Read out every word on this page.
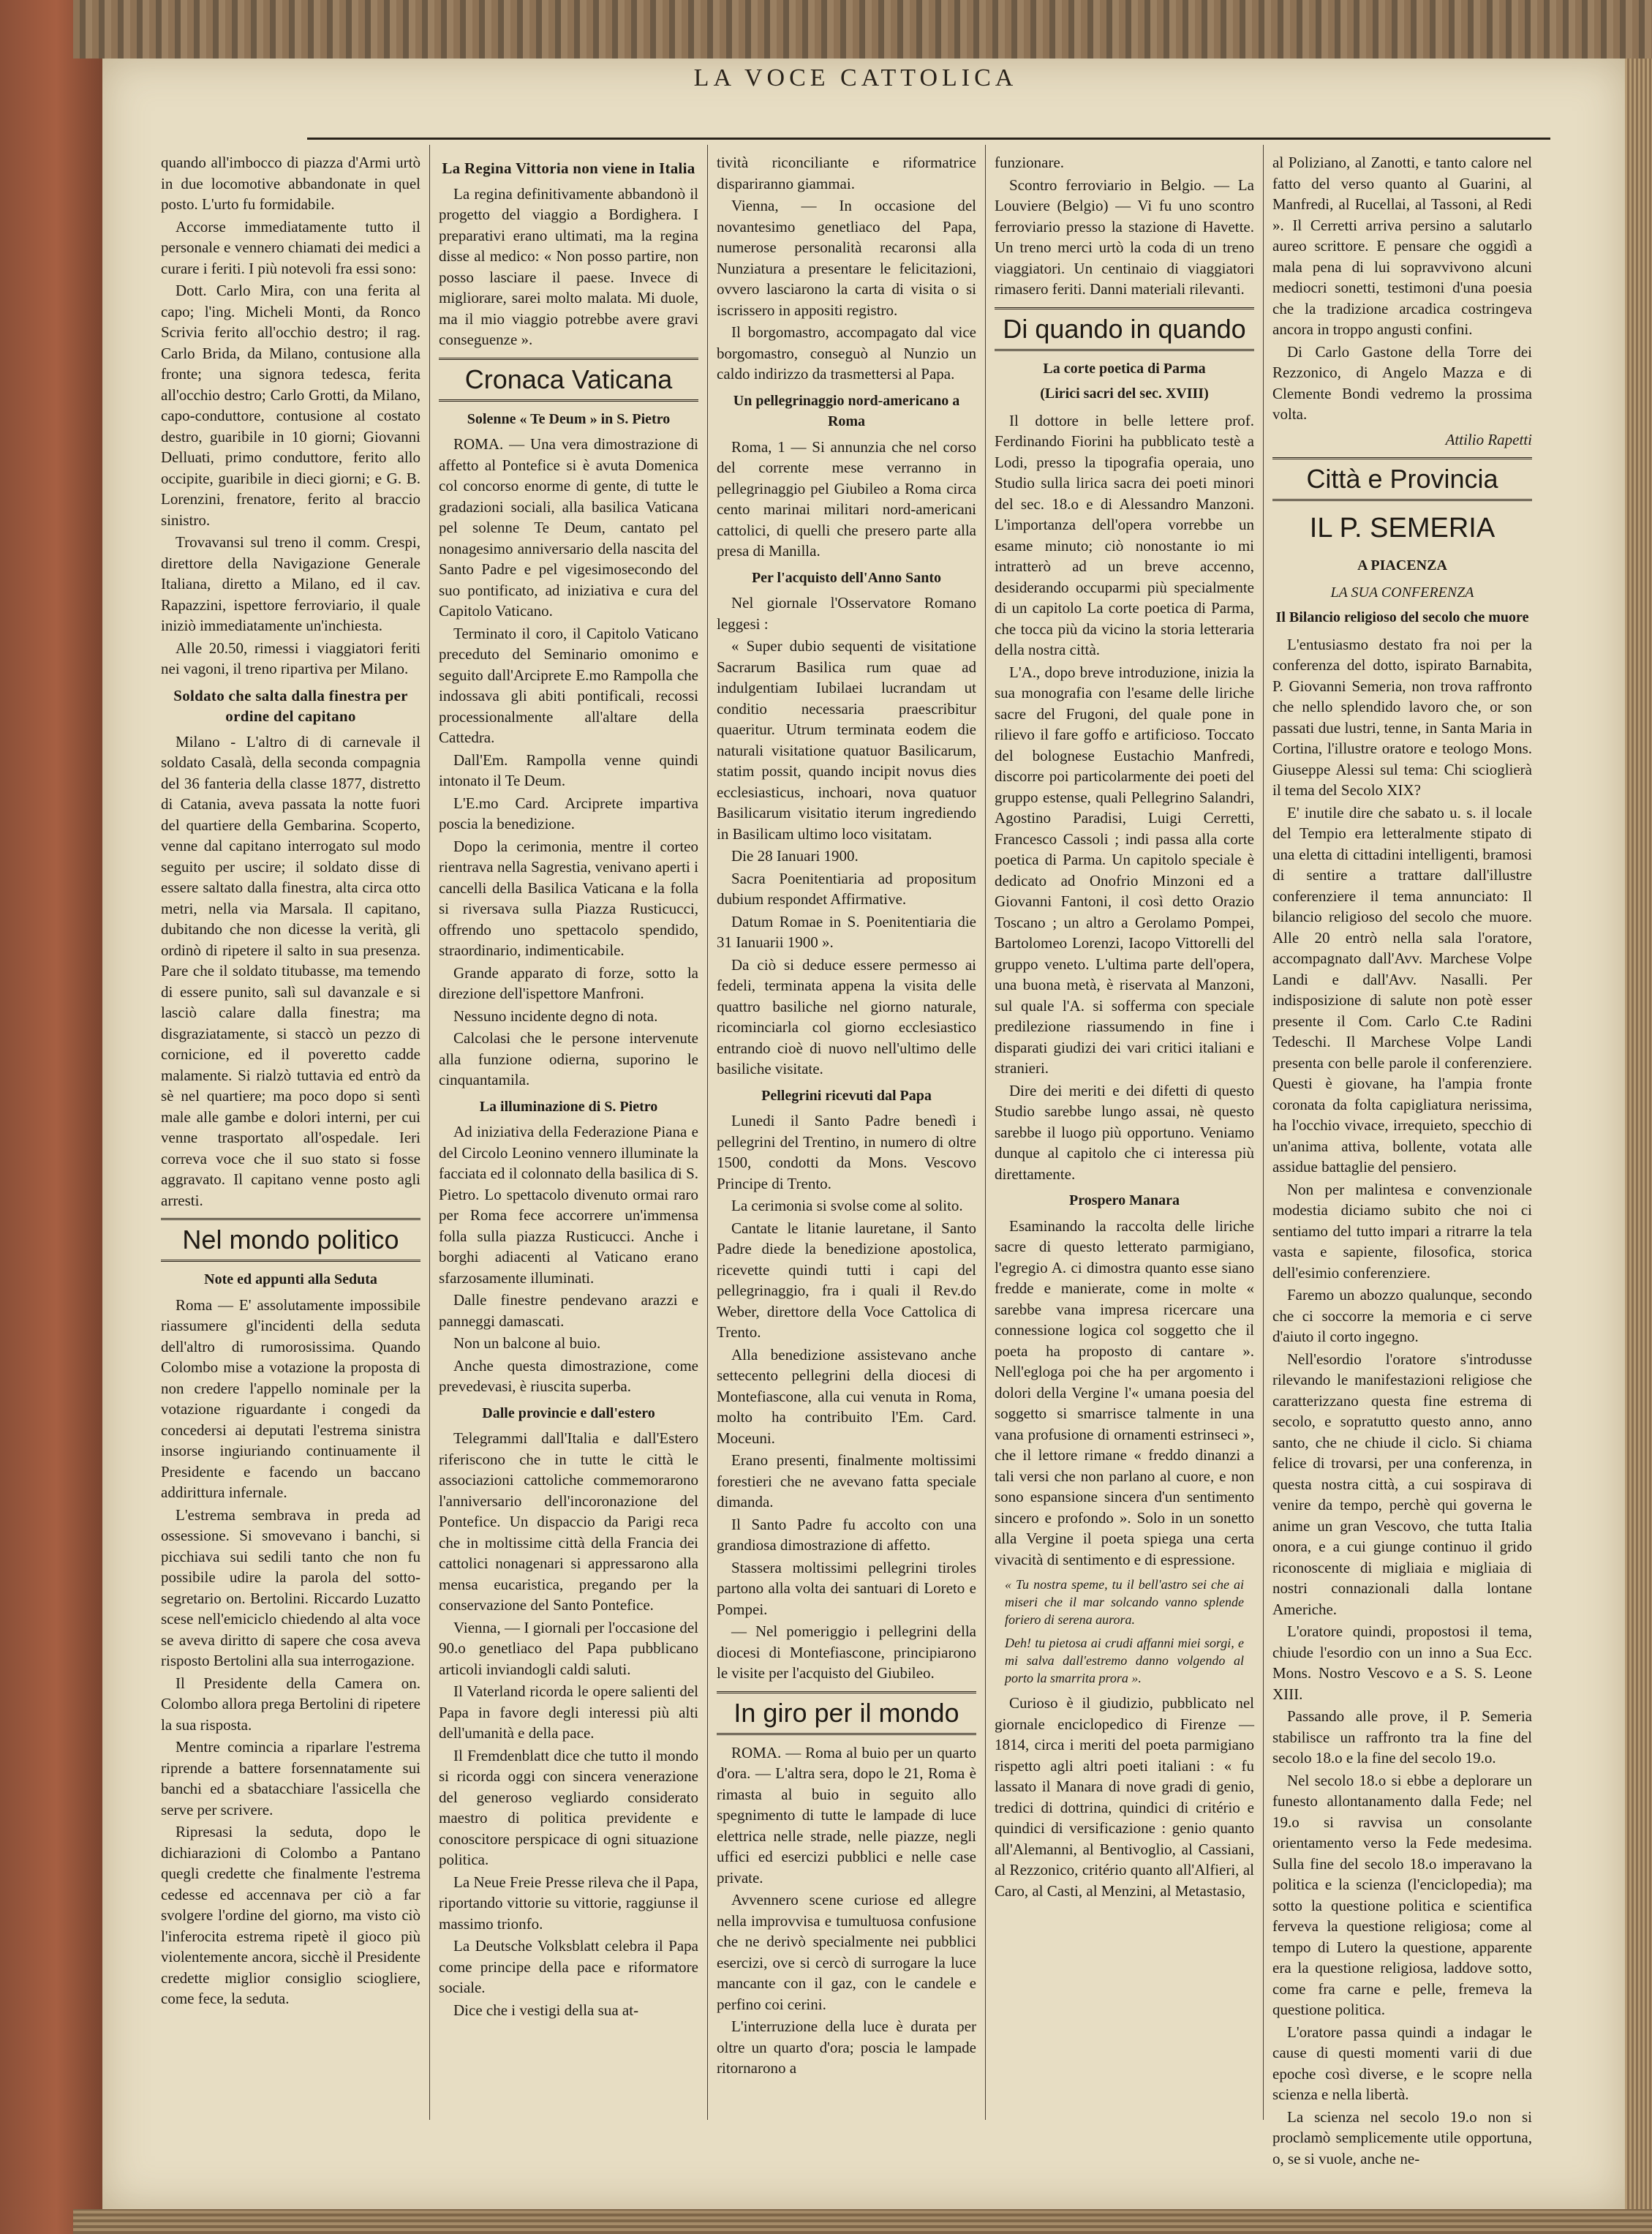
LA VOCE CATTOLICA

quando all'imbocco di piazza d'Armi urtò in due locomotive abbandonate in quel posto. L'urto fu formidabile.

Accorse immediatamente tutto il personale e vennero chiamati dei medici a curare i feriti. I più notevoli fra essi sono:

Dott. Carlo Mira, con una ferita al capo; l'ing. Micheli Monti, da Ronco Scrivia ferito all'occhio destro; il rag. Carlo Brida, da Milano, contusione alla fronte; una signora tedesca, ferita all'occhio destro; Carlo Grotti, da Milano, capo-conduttore, contusione al costato destro, guaribile in 10 giorni; Giovanni Delluati, primo conduttore, ferito allo occipite, guaribile in dieci giorni; e G. B. Lorenzini, frenatore, ferito al braccio sinistro.

Trovavansi sul treno il comm. Crespi, direttore della Navigazione Generale Italiana, diretto a Milano, ed il cav. Rapazzini, ispettore ferroviario, il quale iniziò immediatamente un'inchiesta.

Alle 20.50, rimessi i viaggiatori feriti nei vagoni, il treno ripartiva per Milano.

Soldato che salta dalla finestra per ordine del capitano

Milano - L'altro di di carnevale il soldato Casalà, della seconda compagnia del 36 fanteria della classe 1877, distretto di Catania, aveva passata la notte fuori del quartiere della Gembarina. Scoperto, venne dal capitano interrogato sul modo seguito per uscire; il soldato disse di essere saltato dalla finestra, alta circa otto metri, nella via Marsala. Il capitano, dubitando che non dicesse la verità, gli ordinò di ripetere il salto in sua presenza. Pare che il soldato titubasse, ma temendo di essere punito, salì sul davanzale e si lasciò calare dalla finestra; ma disgraziatamente, si staccò un pezzo di cornicione, ed il poveretto cadde malamente. Si rialzò tuttavia ed entrò da sè nel quartiere; ma poco dopo si sentì male alle gambe e dolori interni, per cui venne trasportato all'ospedale. Ieri correva voce che il suo stato si fosse aggravato. Il capitano venne posto agli arresti.

Nel mondo politico
Note ed appunti alla Seduta

Roma — E' assolutamente impossibile riassumere gl'incidenti della seduta dell'altro di rumorosissima. Quando Colombo mise a votazione la proposta di non credere l'appello nominale per la votazione riguardante i congedi da concedersi ai deputati l'estrema sinistra insorse ingiuriando continuamente il Presidente e facendo un baccano addirittura infernale.

L'estrema sembrava in preda ad ossessione. Si smovevano i banchi, si picchiava sui sedili tanto che non fu possibile udire la parola del sotto-segretario on. Bertolini. Riccardo Luzatto scese nell'emiciclo chiedendo al alta voce se aveva diritto di sapere che cosa aveva risposto Bertolini alla sua interrogazione.

Il Presidente della Camera on. Colombo allora prega Bertolini di ripetere la sua risposta.

Mentre comincia a riparlare l'estrema riprende a battere forsennatamente sui banchi ed a sbatacchiare l'assicella che serve per scrivere.

Ripresasi la seduta, dopo le dichiarazioni di Colombo a Pantano quegli credette che finalmente l'estrema cedesse ed accennava per ciò a far svolgere l'ordine del giorno, ma visto ciò l'inferocita estrema ripetè il gioco più violentemente ancora, sicchè il Presidente credette miglior consiglio sciogliere, come fece, la seduta.

La Regina Vittoria non viene in Italia

La regina definitivamente abbandonò il progetto del viaggio a Bordighera. I preparativi erano ultimati, ma la regina disse al medico: « Non posso partire, non posso lasciare il paese. Invece di migliorare, sarei molto malata. Mi duole, ma il mio viaggio potrebbe avere gravi conseguenze ».

Cronaca Vaticana
Solenne « Te Deum » in S. Pietro

ROMA. — Una vera dimostrazione di affetto al Pontefice si è avuta Domenica col concorso enorme di gente, di tutte le gradazioni sociali, alla basilica Vaticana pel solenne Te Deum, cantato pel nonagesimo anniversario della nascita del Santo Padre e pel vigesimosecondo del suo pontificato, ad iniziativa e cura del Capitolo Vaticano.

Terminato il coro, il Capitolo Vaticano preceduto del Seminario omonimo e seguito dall'Arciprete E.mo Rampolla che indossava gli abiti pontificali, recossi processionalmente all'altare della Cattedra.

Dall'Em. Rampolla venne quindi intonato il Te Deum.

L'E.mo Card. Arciprete impartiva poscia la benedizione.

Dopo la cerimonia, mentre il corteo rientrava nella Sagrestia, venivano aperti i cancelli della Basilica Vaticana e la folla si riversava sulla Piazza Rusticucci, offrendo uno spettacolo spendido, straordinario, indimenticabile.

Grande apparato di forze, sotto la direzione dell'ispettore Manfroni.

Nessuno incidente degno di nota.

Calcolasi che le persone intervenute alla funzione odierna, suporino le cinquantamila.

La illuminazione di S. Pietro

Ad iniziativa della Federazione Piana e del Circolo Leonino vennero illuminate la facciata ed il colonnato della basilica di S. Pietro. Lo spettacolo divenuto ormai raro per Roma fece accorrere un'immensa folla sulla piazza Rusticucci. Anche i borghi adiacenti al Vaticano erano sfarzosamente illuminati.

Dalle finestre pendevano arazzi e panneggi damascati.

Non un balcone al buio.

Anche questa dimostrazione, come prevedevasi, è riuscita superba.

Dalle provincie e dall'estero

Telegrammi dall'Italia e dall'Estero riferiscono che in tutte le città le associazioni cattoliche commemorarono l'anniversario dell'incoronazione del Pontefice. Un dispaccio da Parigi reca che in moltissime città della Francia dei cattolici nonagenari si appressarono alla mensa eucaristica, pregando per la conservazione del Santo Pontefice.

Vienna, — I giornali per l'occasione del 90.o genetliaco del Papa pubblicano articoli inviandogli caldi saluti.

Il Vaterland ricorda le opere salienti del Papa in favore degli interessi più alti dell'umanità e della pace.

Il Fremdenblatt dice che tutto il mondo si ricorda oggi con sincera venerazione del generoso vegliardo considerato maestro di politica previdente e conoscitore perspicace di ogni situazione politica.

La Neue Freie Presse rileva che il Papa, riportando vittorie su vittorie, raggiunse il massimo trionfo.

La Deutsche Volksblatt celebra il Papa come principe della pace e riformatore sociale.

Dice che i vestigi della sua at-

tività riconciliante e riformatrice dispariranno giammai.

Vienna, — In occasione del novantesimo genetliaco del Papa, numerose personalità recaronsi alla Nunziatura a presentare le felicitazioni, ovvero lasciarono la carta di visita o si iscrissero in appositi registro.

Il borgomastro, accompagato dal vice borgomastro, conseguò al Nunzio un caldo indirizzo da trasmettersi al Papa.

Un pellegrinaggio nord-americano a Roma

Roma, 1 — Si annunzia che nel corso del corrente mese verranno in pellegrinaggio pel Giubileo a Roma circa cento marinai militari nord-americani cattolici, di quelli che presero parte alla presa di Manilla.

Per l'acquisto dell'Anno Santo

Nel giornale l'Osservatore Romano leggesi :

« Super dubio sequenti de visitatione Sacrarum Basilica rum quae ad indulgentiam Iubilaei lucrandam ut conditio necessaria praescribitur quaeritur. Utrum terminata eodem die naturali visitatione quatuor Basilicarum, statim possit, quando incipit novus dies ecclesiasticus, inchoari, nova quatuor Basilicarum visitatio iterum ingrediendo in Basilicam ultimo loco visitatam.

Die 28 Ianuari 1900.

Sacra Poenitentiaria ad propositum dubium respondet Affirmative.

Datum Romae in S. Poenitentiaria die 31 Ianuarii 1900 ».

Da ciò si deduce essere permesso ai fedeli, terminata appena la visita delle quattro basiliche nel giorno naturale, ricominciarla col giorno ecclesiastico entrando cioè di nuovo nell'ultimo delle basiliche visitate.

Pellegrini ricevuti dal Papa

Lunedi il Santo Padre benedì i pellegrini del Trentino, in numero di oltre 1500, condotti da Mons. Vescovo Principe di Trento.

La cerimonia si svolse come al solito.

Cantate le litanie lauretane, il Santo Padre diede la benedizione apostolica, ricevette quindi tutti i capi del pellegrinaggio, fra i quali il Rev.do Weber, direttore della Voce Cattolica di Trento.

Alla benedizione assistevano anche settecento pellegrini della diocesi di Montefiascone, alla cui venuta in Roma, molto ha contribuito l'Em. Card. Moceuni.

Erano presenti, finalmente moltissimi forestieri che ne avevano fatta speciale dimanda.

Il Santo Padre fu accolto con una grandiosa dimostrazione di affetto.

Stassera moltissimi pellegrini tiroles partono alla volta dei santuari di Loreto e Pompei.

— Nel pomeriggio i pellegrini della diocesi di Montefiascone, principiarono le visite per l'acquisto del Giubileo.

In giro per il mondo

ROMA. — Roma al buio per un quarto d'ora. — L'altra sera, dopo le 21, Roma è rimasta al buio in seguito allo spegnimento di tutte le lampade di luce elettrica nelle strade, nelle piazze, negli uffici ed esercizi pubblici e nelle case private.

Avvennero scene curiose ed allegre nella improvvisa e tumultuosa confusione che ne derivò specialmente nei pubblici esercizi, ove si cercò di surrogare la luce mancante con il gaz, con le candele e perfino coi cerini.

L'interruzione della luce è durata per oltre un quarto d'ora; poscia le lampade ritornarono a

funzionare.

Scontro ferroviario in Belgio. — La Louviere (Belgio) — Vi fu uno scontro ferroviario presso la stazione di Havette. Un treno merci urtò la coda di un treno viaggiatori. Un centinaio di viaggiatori rimasero feriti. Danni materiali rilevanti.

Di quando in quando
La corte poetica di Parma
(Lirici sacri del sec. XVIII)

Il dottore in belle lettere prof. Ferdinando Fiorini ha pubblicato testè a Lodi, presso la tipografia operaia, uno Studio sulla lirica sacra dei poeti minori del sec. 18.o e di Alessandro Manzoni. L'importanza dell'opera vorrebbe un esame minuto; ciò nonostante io mi intratterò ad un breve accenno, desiderando occuparmi più specialmente di un capitolo La corte poetica di Parma, che tocca più da vicino la storia letteraria della nostra città.

L'A., dopo breve introduzione, inizia la sua monografia con l'esame delle liriche sacre del Frugoni, del quale pone in rilievo il fare goffo e artificioso. Toccato del bolognese Eustachio Manfredi, discorre poi particolarmente dei poeti del gruppo estense, quali Pellegrino Salandri, Agostino Paradisi, Luigi Cerretti, Francesco Cassoli ; indi passa alla corte poetica di Parma. Un capitolo speciale è dedicato ad Onofrio Minzoni ed a Giovanni Fantoni, il così detto Orazio Toscano ; un altro a Gerolamo Pompei, Bartolomeo Lorenzi, Iacopo Vittorelli del gruppo veneto. L'ultima parte dell'opera, una buona metà, è riservata al Manzoni, sul quale l'A. si sofferma con speciale predilezione riassumendo in fine i disparati giudizi dei vari critici italiani e stranieri.

Dire dei meriti e dei difetti di questo Studio sarebbe lungo assai, nè questo sarebbe il luogo più opportuno. Veniamo dunque al capitolo che ci interessa più direttamente.

Prospero Manara

Esaminando la raccolta delle liriche sacre di questo letterato parmigiano, l'egregio A. ci dimostra quanto esse siano fredde e manierate, come in molte « sarebbe vana impresa ricercare una connessione logica col soggetto che il poeta ha proposto di cantare ». Nell'egloga poi che ha per argomento i dolori della Vergine l'« umana poesia del soggetto si smarrisce talmente in una vana profusione di ornamenti estrinseci », che il lettore rimane « freddo dinanzi a tali versi che non parlano al cuore, e non sono espansione sincera d'un sentimento sincero e profondo ». Solo in un sonetto alla Vergine il poeta spiega una certa vivacità di sentimento e di espressione.

« Tu nostra speme, tu il bell'astro sei che ai miseri che il mar solcando vanno splende foriero di serena aurora.

Deh! tu pietosa ai crudi affanni miei sorgi, e mi salva dall'estremo danno volgendo al porto la smarrita prora ».

Curioso è il giudizio, pubblicato nel giornale enciclopedico di Firenze — 1814, circa i meriti del poeta parmigiano rispetto agli altri poeti italiani : « fu lassato il Manara di nove gradi di genio, tredici di dottrina, quindici di critério e quindici di versificazione : genio quanto all'Alemanni, al Bentivoglio, al Cassiani, al Rezzonico, critério quanto all'Alfieri, al Caro, al Casti, al Menzini, al Metastasio,

al Poliziano, al Zanotti, e tanto calore nel fatto del verso quanto al Guarini, al Manfredi, al Rucellai, al Tassoni, al Redi ». Il Cerretti arriva persino a salutarlo aureo scrittore. E pensare che oggidì a mala pena di lui sopravvivono alcuni mediocri sonetti, testimoni d'una poesia che la tradizione arcadica costringeva ancora in troppo angusti confini.

Di Carlo Gastone della Torre dei Rezzonico, di Angelo Mazza e di Clemente Bondi vedremo la prossima volta.

Attilio Rapetti
Città e Provincia
IL P. SEMERIA
A PIACENZA
LA SUA CONFERENZA
Il Bilancio religioso del secolo che muore

L'entusiasmo destato fra noi per la conferenza del dotto, ispirato Barnabita, P. Giovanni Semeria, non trova raffronto che nello splendido lavoro che, or son passati due lustri, tenne, in Santa Maria in Cortina, l'illustre oratore e teologo Mons. Giuseppe Alessi sul tema: Chi scioglierà il tema del Secolo XIX?

E' inutile dire che sabato u. s. il locale del Tempio era letteralmente stipato di una eletta di cittadini intelligenti, bramosi di sentire a trattare dall'illustre conferenziere il tema annunciato: Il bilancio religioso del secolo che muore. Alle 20 entrò nella sala l'oratore, accompagnato dall'Avv. Marchese Volpe Landi e dall'Avv. Nasalli. Per indisposizione di salute non potè esser presente il Com. Carlo C.te Radini Tedeschi. Il Marchese Volpe Landi presenta con belle parole il conferenziere. Questi è giovane, ha l'ampia fronte coronata da folta capigliatura nerissima, ha l'occhio vivace, irrequieto, specchio di un'anima attiva, bollente, votata alle assidue battaglie del pensiero.

Non per malintesa e convenzionale modestia diciamo subito che noi ci sentiamo del tutto impari a ritrarre la tela vasta e sapiente, filosofica, storica dell'esimio conferenziere.

Faremo un abozzo qualunque, secondo che ci soccorre la memoria e ci serve d'aiuto il corto ingegno.

Nell'esordio l'oratore s'introdusse rilevando le manifestazioni religiose che caratterizzano questa fine estrema di secolo, e sopratutto questo anno, anno santo, che ne chiude il ciclo. Si chiama felice di trovarsi, per una conferenza, in questa nostra città, a cui sospirava di venire da tempo, perchè qui governa le anime un gran Vescovo, che tutta Italia onora, e a cui giunge continuo il grido riconoscente di migliaia e migliaia di nostri connazionali dalla lontane Americhe.

L'oratore quindi, propostosi il tema, chiude l'esordio con un inno a Sua Ecc. Mons. Nostro Vescovo e a S. S. Leone XIII.

Passando alle prove, il P. Semeria stabilisce un raffronto tra la fine del secolo 18.o e la fine del secolo 19.o.

Nel secolo 18.o si ebbe a deplorare un funesto allontanamento dalla Fede; nel 19.o si ravvisa un consolante orientamento verso la Fede medesima. Sulla fine del secolo 18.o imperavano la politica e la scienza (l'enciclopedia); ma sotto la questione politica e scientifica ferveva la questione religiosa; come al tempo di Lutero la questione, apparente era la questione religiosa, laddove sotto, come fra carne e pelle, fremeva la questione politica.

L'oratore passa quindi a indagar le cause di questi momenti varii di due epoche così diverse, e le scopre nella scienza e nella libertà.

La scienza nel secolo 19.o non si proclamò semplicemente utile opportuna, o, se si vuole, anche ne-
